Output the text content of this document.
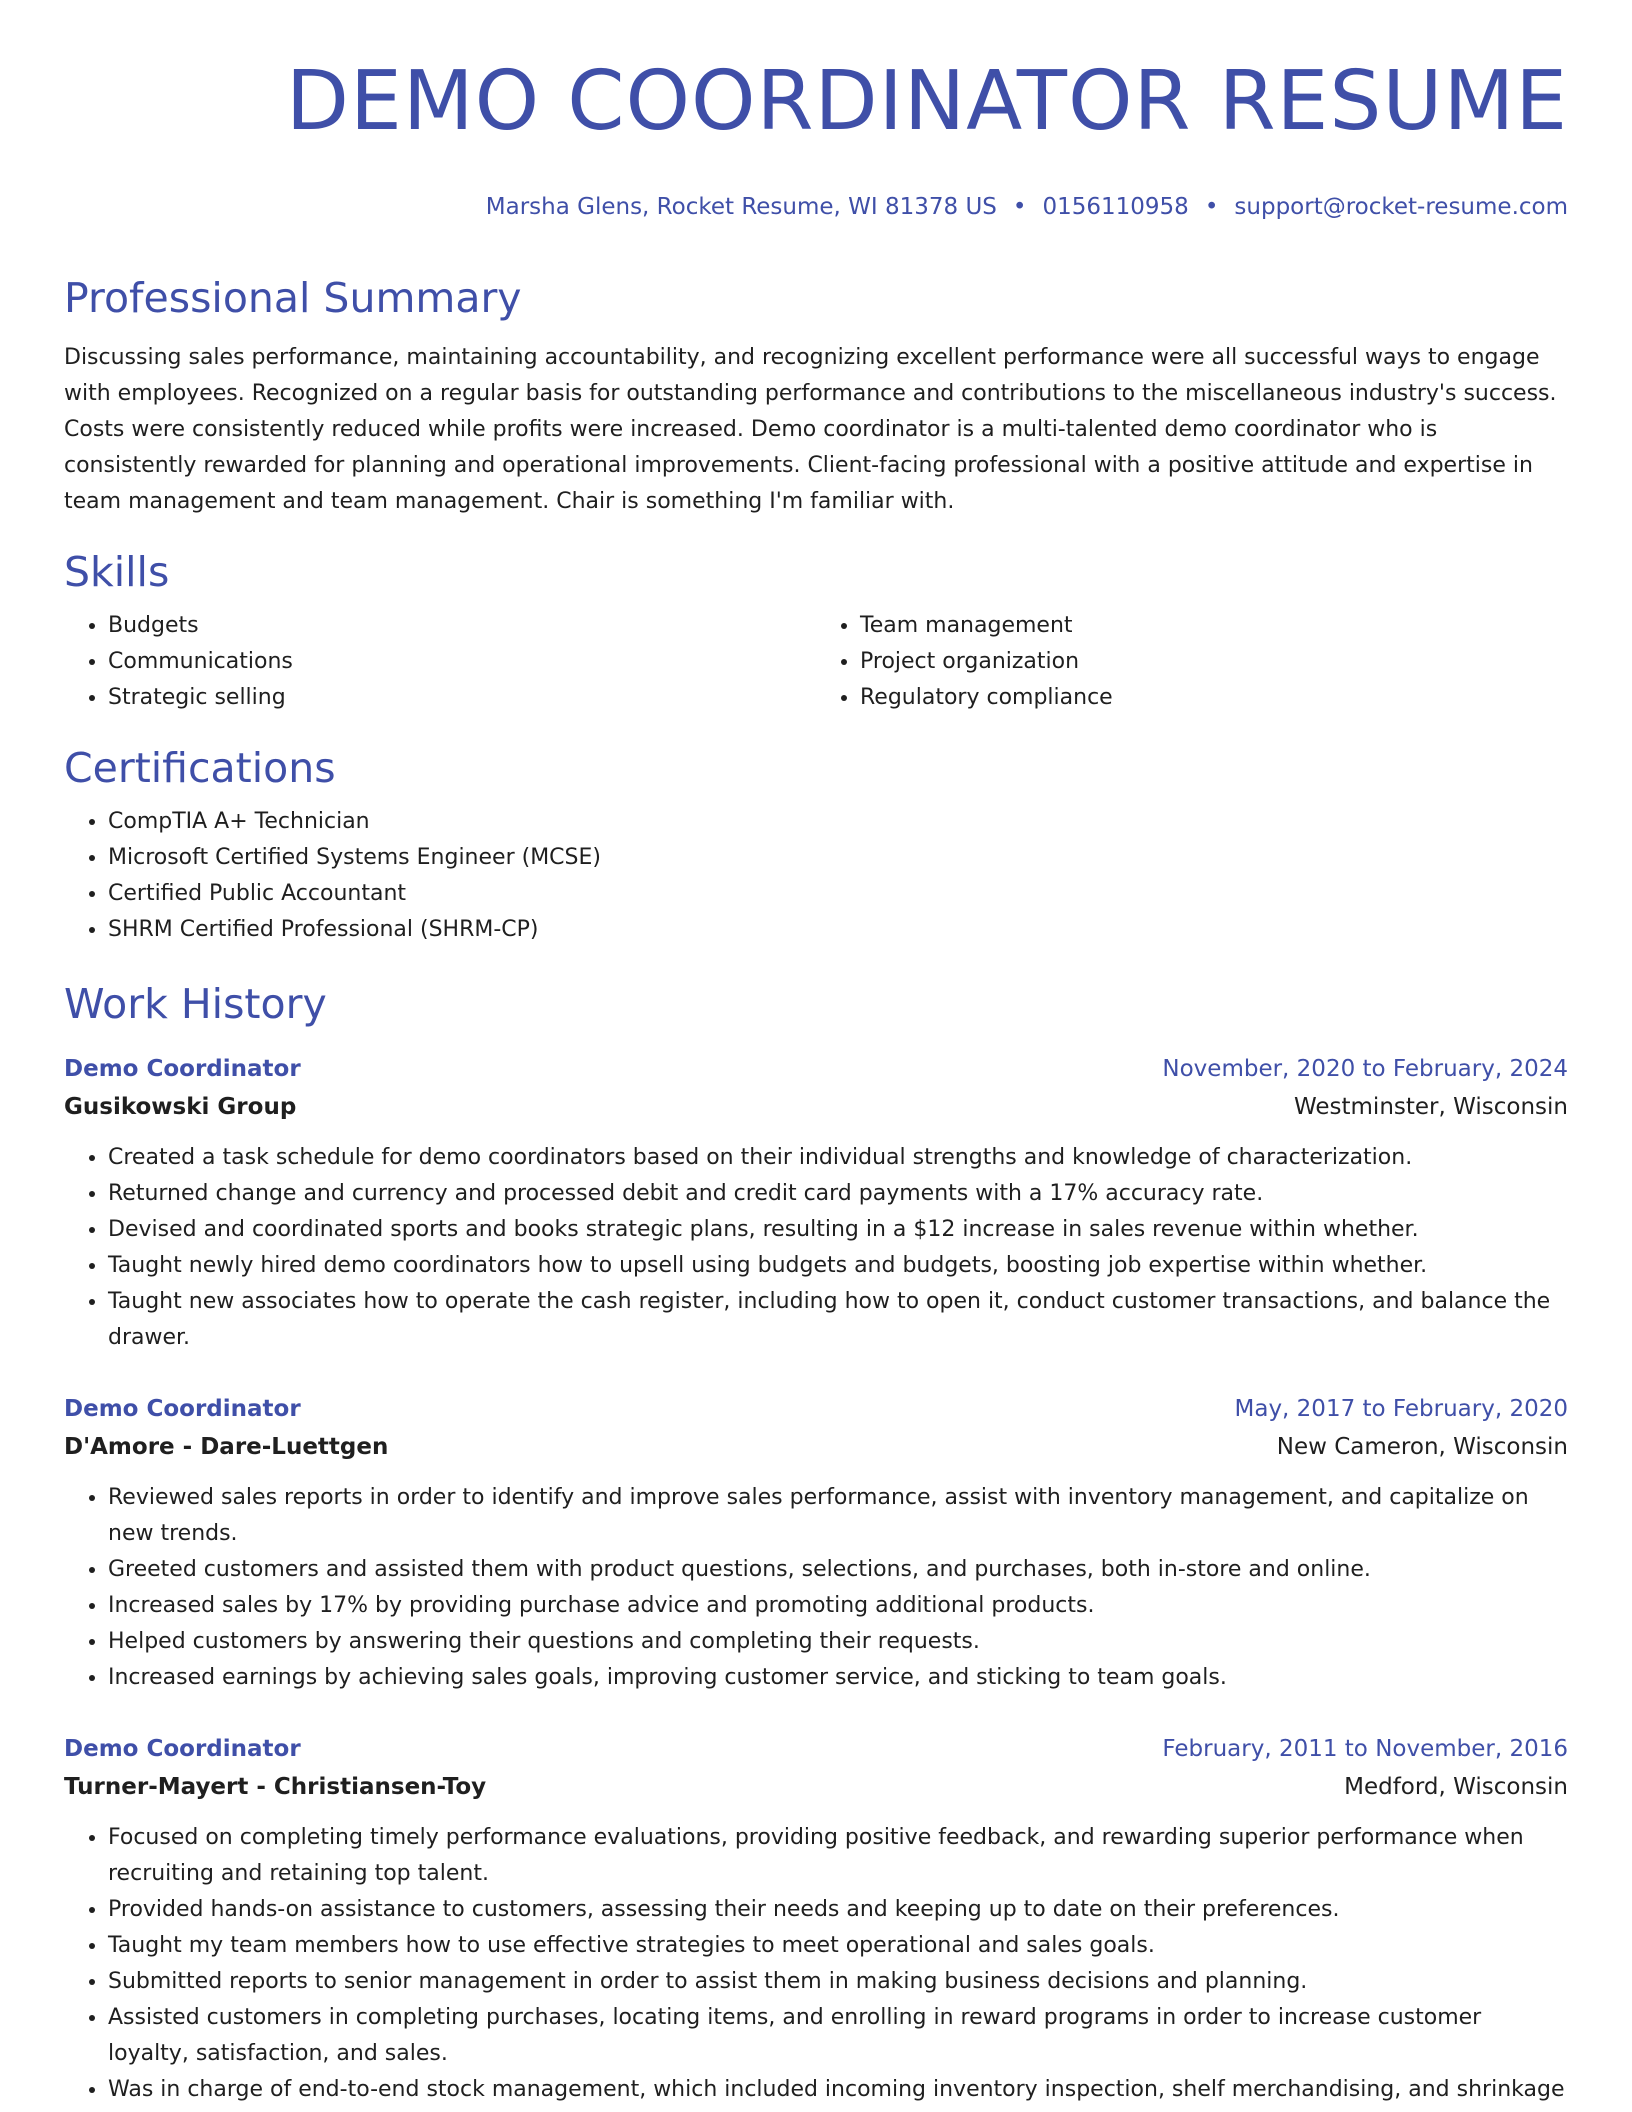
DEMO COORDINATOR RESUME
Marsha Glens, Rocket Resume, WI 81378 US • 0156110958 • support@rocket-resume.com
Professional Summary
Discussing sales performance, maintaining accountability, and recognizing excellent performance were all successful ways to engage with employees. Recognized on a regular basis for outstanding performance and contributions to the miscellaneous industry's success. Costs were consistently reduced while profits were increased. Demo coordinator is a multi-talented demo coordinator who is consistently rewarded for planning and operational improvements. Client-facing professional with a positive attitude and expertise in team management and team management. Chair is something I'm familiar with.
Skills
• Budgets
• Communications
• Strategic selling
• Team management
• Project organization
• Regulatory compliance
Certifications
• CompTIA A+ Technician
• Microsoft Certified Systems Engineer (MCSE)
• Certified Public Accountant
• SHRM Certified Professional (SHRM-CP)
Work History
Demo Coordinator	November, 2020 to February, 2024
Gusikowski Group	Westminster, Wisconsin
• Created a task schedule for demo coordinators based on their individual strengths and knowledge of characterization.
• Returned change and currency and processed debit and credit card payments with a 17% accuracy rate.
• Devised and coordinated sports and books strategic plans, resulting in a $12 increase in sales revenue within whether.
• Taught newly hired demo coordinators how to upsell using budgets and budgets, boosting job expertise within whether.
• Taught new associates how to operate the cash register, including how to open it, conduct customer transactions, and balance the drawer.
Demo Coordinator	May, 2017 to February, 2020
D'Amore - Dare-Luettgen	New Cameron, Wisconsin
• Reviewed sales reports in order to identify and improve sales performance, assist with inventory management, and capitalize on new trends.
• Greeted customers and assisted them with product questions, selections, and purchases, both in-store and online.
• Increased sales by 17% by providing purchase advice and promoting additional products.
• Helped customers by answering their questions and completing their requests.
• Increased earnings by achieving sales goals, improving customer service, and sticking to team goals.
Demo Coordinator	February, 2011 to November, 2016
Turner-Mayert - Christiansen-Toy	Medford, Wisconsin
• Focused on completing timely performance evaluations, providing positive feedback, and rewarding superior performance when recruiting and retaining top talent.
• Provided hands-on assistance to customers, assessing their needs and keeping up to date on their preferences.
• Taught my team members how to use effective strategies to meet operational and sales goals.
• Submitted reports to senior management in order to assist them in making business decisions and planning.
• Assisted customers in completing purchases, locating items, and enrolling in reward programs in order to increase customer loyalty, satisfaction, and sales.
• Was in charge of end-to-end stock management, which included incoming inventory inspection, shelf merchandising, and shrinkage
